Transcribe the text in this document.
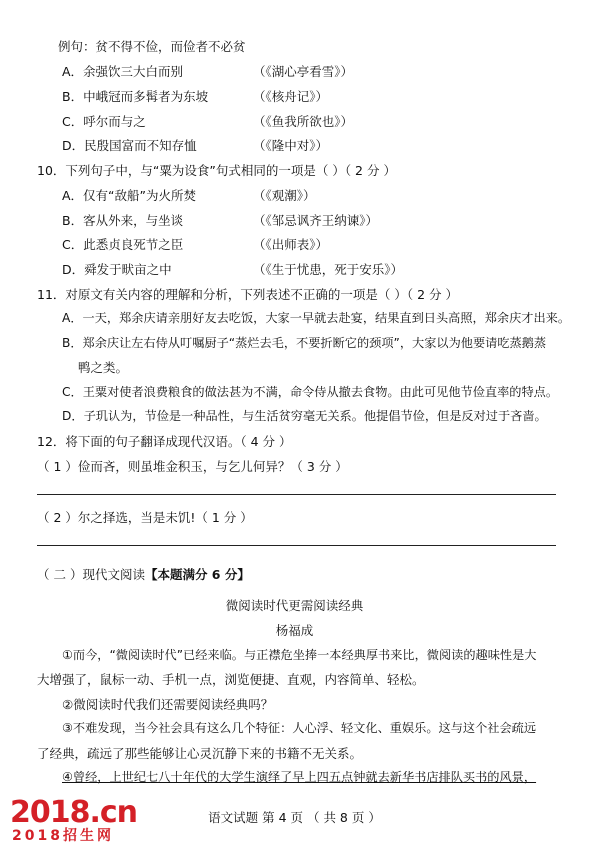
例句：贫不得不俭，而俭者不必贫
A．余强饮三大白而别	（《湖心亭看雪》）
B．中峨冠而多髯者为东坡	（《核舟记》）
C．呼尔而与之	（《鱼我所欲也》）
D．民殷国富而不知存恤	（《隆中对》）
10．下列句子中，与“粟为设食”句式相同的一项是（ ）（ 2 分 ）
A．仅有“敌船”为火所焚	（《观潮》）
B．客从外来，与坐谈	（《邹忌讽齐王纳谏》）
C．此悉贞良死节之臣	（《出师表》）
D．舜发于畎亩之中	（《生于忧患，死于安乐》）
11．对原文有关内容的理解和分析，下列表述不正确的一项是（ ）（ 2 分 ）
A．一天，郑余庆请亲朋好友去吃饭，大家一早就去赴宴，结果直到日头高照，郑余庆才出来。
B．郑余庆让左右侍从叮嘱厨子“蒸烂去毛，不要折断它的颈项”，大家以为他要请吃蒸鹅蒸
鸭之类。
C．王粟对使者浪费粮食的做法甚为不满，命令侍从撤去食物。由此可见他节俭直率的特点。
D．子玑认为，节俭是一种品性，与生活贫穷毫无关系。他提倡节俭，但是反对过于吝啬。
12．将下面的句子翻译成现代汉语。（ 4 分 ）
（ 1 ）俭而吝，则虽堆金积玉，与乞儿何异？（ 3 分 ）
（ 2 ）尔之择选，当是未饥!（ 1 分 ）
（ 二 ）现代文阅读【本题满分 6 分】
微阅读时代更需阅读经典
杨福成
①而今，“微阅读时代”已经来临。与正襟危坐捧一本经典厚书来比，微阅读的趣味性是大
大增强了，鼠标一动、手机一点，浏览便捷、直观，内容简单、轻松。
②微阅读时代我们还需要阅读经典吗？
③不难发现，当今社会具有这么几个特征：人心浮、轻文化、重娱乐。这与这个社会疏远
了经典，疏远了那些能够让心灵沉静下来的书籍不无关系。
④曾经，上世纪七八十年代的大学生演绎了早上四五点钟就去新华书店排队买书的风景，
2018.cn
2018招生网
语文试题 第 4 页 （ 共 8 页 ）
